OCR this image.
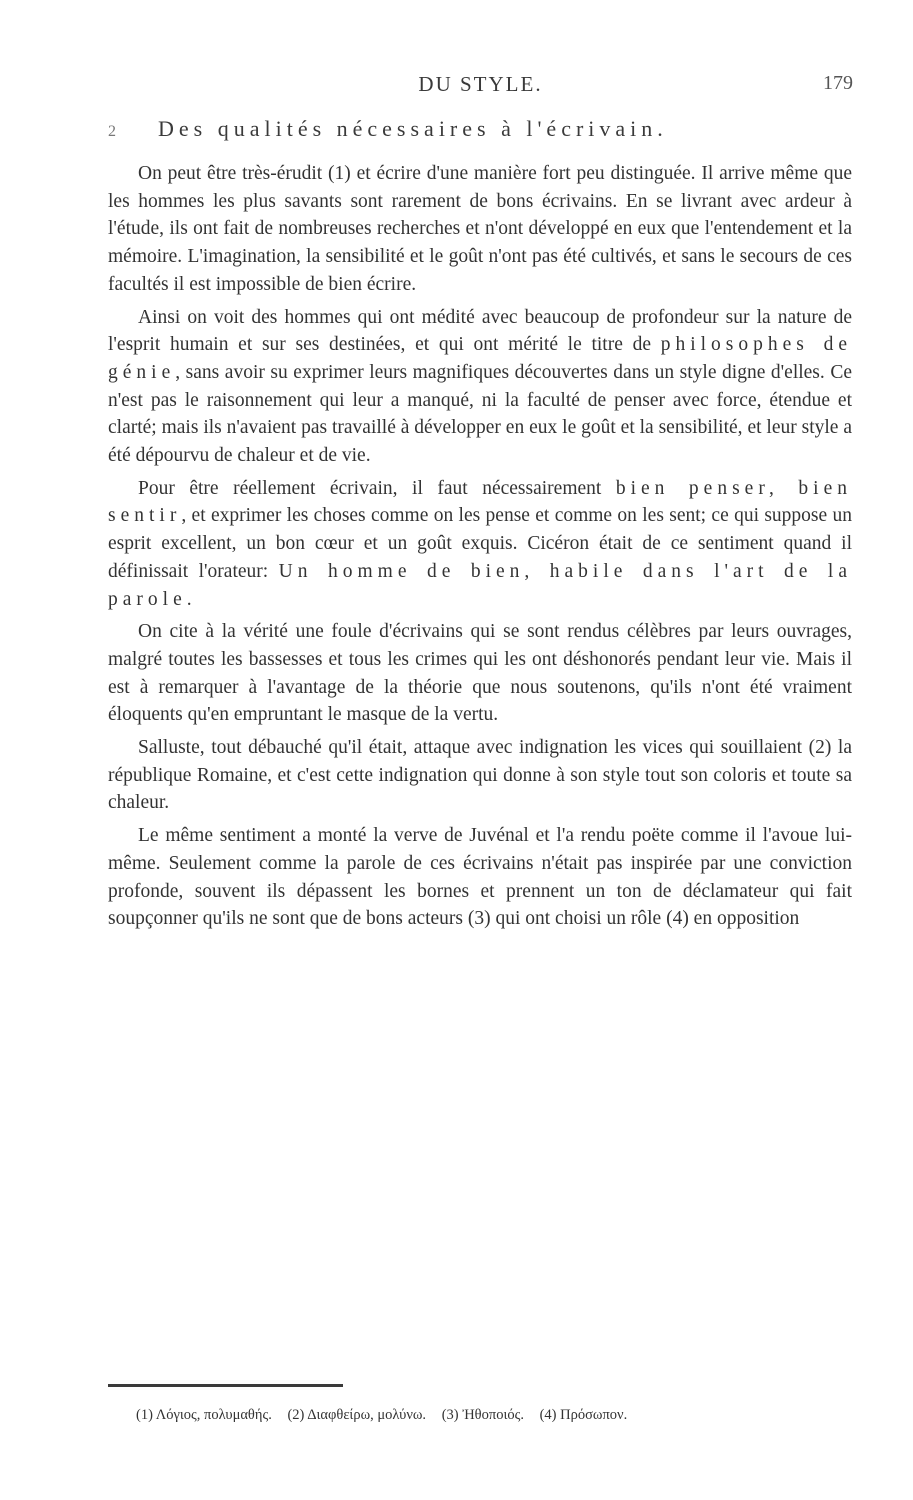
DU STYLE.	179
2 Des qualités nécessaires à l'écrivain.

On peut être très-érudit (1) et écrire d'une manière fort peu distinguée. Il arrive même que les hommes les plus savants sont rarement de bons écrivains. En se livrant avec ardeur à l'étude, ils ont fait de nombreuses recherches et n'ont développé en eux que l'entendement et la mémoire. L'imagination, la sensibilité et le goût n'ont pas été cultivés, et sans le secours de ces facultés il est impossible de bien écrire.

Ainsi on voit des hommes qui ont médité avec beaucoup de profondeur sur la nature de l'esprit humain et sur ses destinées, et qui ont mérité le titre de philosophes de génie, sans avoir su exprimer leurs magnifiques découvertes dans un style digne d'elles. Ce n'est pas le raisonnement qui leur a manqué, ni la faculté de penser avec force, étendue et clarté; mais ils n'avaient pas travaillé à développer en eux le goût et la sensibilité, et leur style a été dépourvu de chaleur et de vie.

Pour être réellement écrivain, il faut nécessairement bien penser, bien sentir, et exprimer les choses comme on les pense et comme on les sent; ce qui suppose un esprit excellent, un bon cœur et un goût exquis. Cicéron était de ce sentiment quand il définissait l'orateur: Un homme de bien, habile dans l'art de la parole.

On cite à la vérité une foule d'écrivains qui se sont rendus célèbres par leurs ouvrages, malgré toutes les bassesses et tous les crimes qui les ont déshonorés pendant leur vie. Mais il est à remarquer à l'avantage de la théorie que nous soutenons, qu'ils n'ont été vraiment éloquents qu'en empruntant le masque de la vertu.

Salluste, tout débauché qu'il était, attaque avec indignation les vices qui souillaient (2) la république Romaine, et c'est cette indignation qui donne à son style tout son coloris et toute sa chaleur.

Le même sentiment a monté la verve de Juvénal et l'a rendu poëte comme il l'avoue lui-même. Seulement comme la parole de ces écrivains n'était pas inspirée par une conviction profonde, souvent ils dépassent les bornes et prennent un ton de déclamateur qui fait soupçonner qu'ils ne sont que de bons acteurs (3) qui ont choisi un rôle (4) en opposition

(1) Λόγιος, πολυμαθής. (2) Διαφθείρω, μολύνω. (3) Ἠθοποιός. (4) Πρόσωπον.
